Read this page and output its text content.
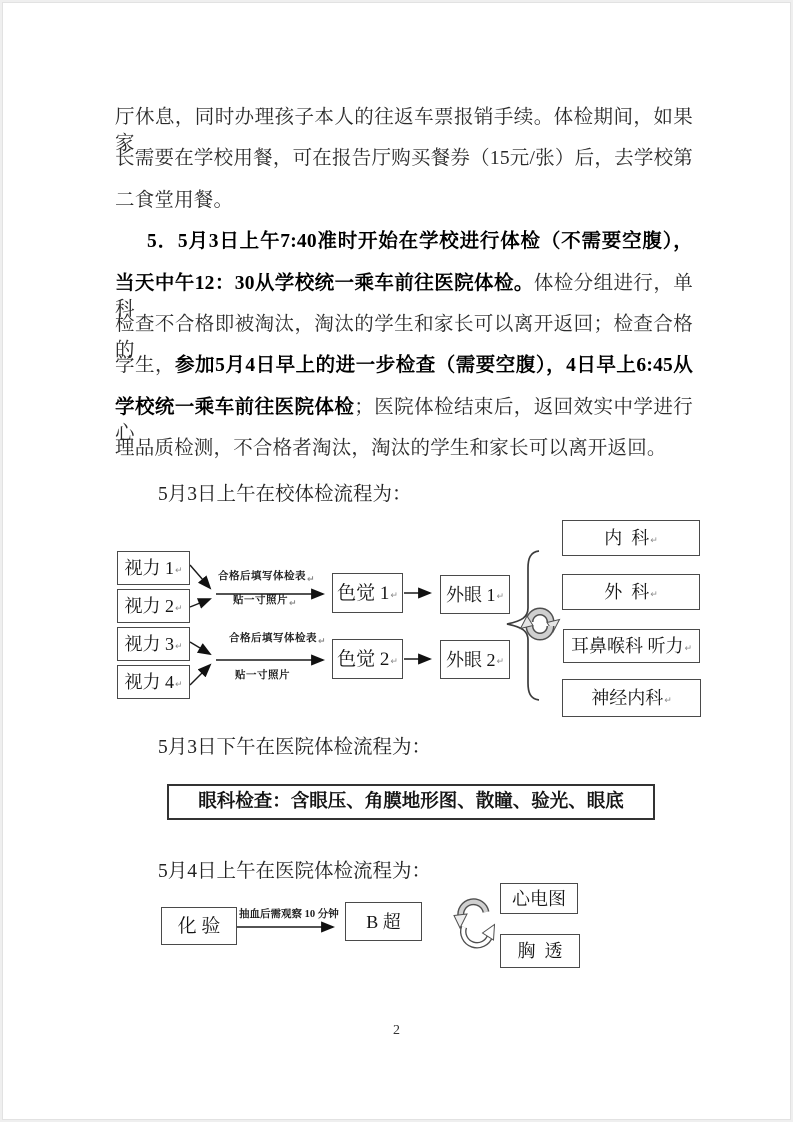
厅休息，同时办理孩子本人的往返车票报销手续。体检期间，如果家
长需要在学校用餐，可在报告厅购买餐券（15元/张）后，去学校第
二食堂用餐。
5．5月3日上午7:40准时开始在学校进行体检（不需要空腹），
当天中午12：30从学校统一乘车前往医院体检。体检分组进行，单科
检查不合格即被淘汰，淘汰的学生和家长可以离开返回；检查合格的
学生，参加5月4日早上的进一步检查（需要空腹），4日早上6:45从
学校统一乘车前往医院体检；医院体检结束后，返回效实中学进行心
理品质检测，不合格者淘汰，淘汰的学生和家长可以离开返回。
5月3日上午在校体检流程为：
5月3日下午在医院体检流程为：
5月4日上午在医院体检流程为：
视力 1 ↵
视力 2 ↵
视力 3 ↵
视力 4 ↵
合格后填写体检表↵
贴一寸照片↵
合格后填写体检表↵
贴一寸照片
色觉 1 ↵
色觉 2 ↵
外眼 1 ↵
外眼 2 ↵
内  科 ↵
外  科 ↵
耳鼻喉科 听力 ↵
神经内科 ↵
眼科检查：含眼压、角膜地形图、散瞳、验光、眼底
化 验
抽血后需观察 10 分钟 B 超
心电图
胸  透
2
